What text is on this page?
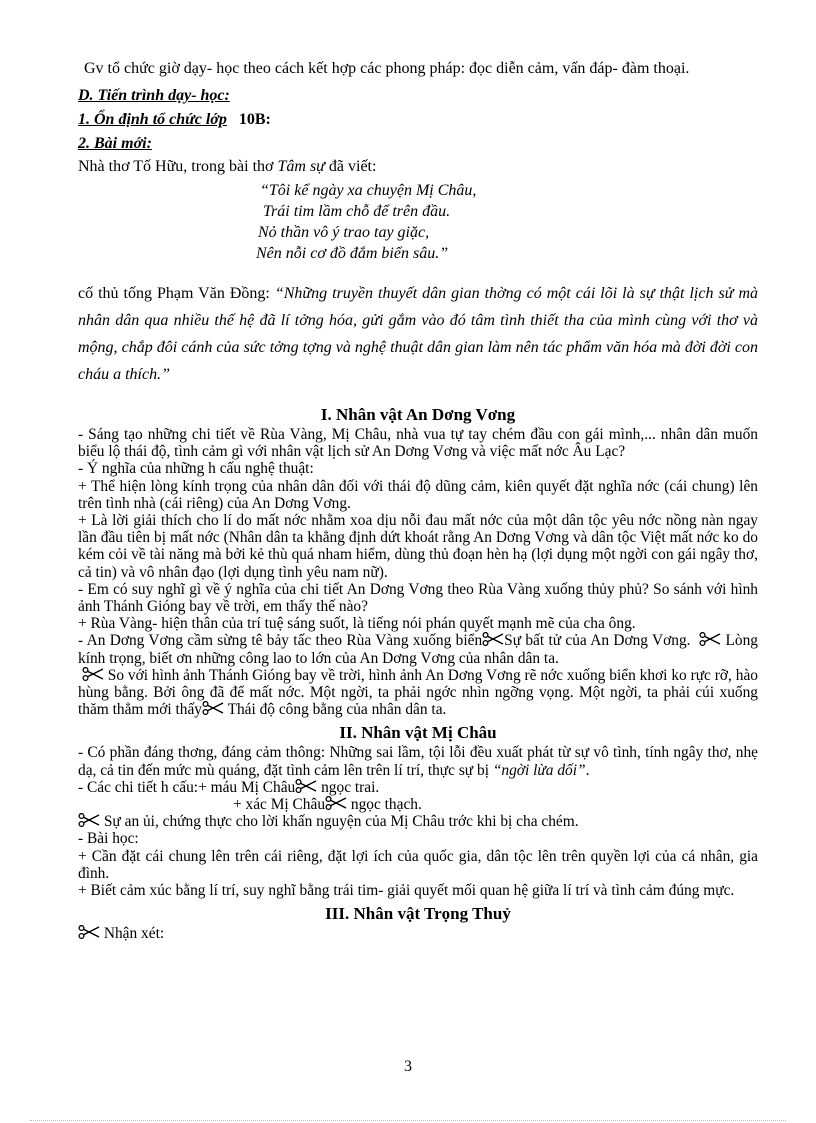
Gv tổ chức giờ dạy- học theo cách kết hợp các phong pháp: đọc diễn cảm, vấn đáp- đàm thoại.

D. Tiến trình dạy- học:

1. Ổn định tổ chức lớp 10B:

2. Bài mới:

Nhà thơ Tố Hữu, trong bài thơ Tâm sự đã viết:

“Tôi kể ngày xa chuyện Mị Châu,
Trái tim lầm chỗ để trên đầu.
Nỏ thần vô ý trao tay giặc,
Nên nỗi cơ đồ đắm biển sâu.”

cố thủ tống Phạm Văn Đồng: “Những truyền thuyết dân gian thờng có một cái lõi là sự thật lịch sử mà nhân dân qua nhiều thế hệ đã lí tởng hóa, gửi gắm vào đó tâm tình thiết tha của mình cùng với thơ và mộng, chắp đôi cánh của sức tởng tợng và nghệ thuật dân gian làm nên tác phẩm văn hóa mà đời đời con cháu a thích.”

I. Nhân vật An Dơng Vơng

- Sáng tạo những chi tiết về Rùa Vàng, Mị Châu, nhà vua tự tay chém đầu con gái mình,... nhân dân muốn biểu lộ thái độ, tình cảm gì với nhân vật lịch sử An Dơng Vơng và việc mất nớc Âu Lạc?

- Ý nghĩa của những h cấu nghệ thuật:

+ Thể hiện lòng kính trọng của nhân dân đối với thái độ dũng cảm, kiên quyết đặt nghĩa nớc (cái chung) lên trên tình nhà (cái riêng) của An Dơng Vơng.

+ Là lời giải thích cho lí do mất nớc nhằm xoa dịu nỗi đau mất nớc của một dân tộc yêu nớc nồng nàn ngay lần đầu tiên bị mất nớc (Nhân dân ta khẳng định dứt khoát rằng An Dơng Vơng và dân tộc Việt mất nớc ko do kém cỏi về tài năng mà bởi kẻ thù quá nham hiểm, dùng thủ đoạn hèn hạ (lợi dụng một ngời con gái ngây thơ, cả tin) và vô nhân đạo (lợi dụng tình yêu nam nữ).

- Em có suy nghĩ gì về ý nghĩa của chi tiết An Dơng Vơng theo Rùa Vàng xuống thủy phủ? So sánh với hình ảnh Thánh Gióng bay về trời, em thấy thế nào?

+ Rùa Vàng- hiện thân của trí tuệ sáng suốt, là tiếng nói phán quyết mạnh mẽ của cha ông.

- An Dơng Vơng cầm sừng tê bảy tấc theo Rùa Vàng xuống biển Sự bất tử của An Dơng Vơng. Lòng kính trọng, biết ơn những công lao to lớn của An Dơng Vơng của nhân dân ta.

So với hình ảnh Thánh Gióng bay về trời, hình ảnh An Dơng Vơng rẽ nớc xuống biển khơi ko rực rỡ, hào hùng bằng. Bởi ông đã để mất nớc. Một ngời, ta phải ngớc nhìn ngỡng vọng. Một ngời, ta phải cúi xuống thăm thẳm mới thấy Thái độ công bằng của nhân dân ta.

II. Nhân vật Mị Châu

- Có phần đáng thơng, đáng cảm thông: Những sai lầm, tội lỗi đều xuất phát từ sự vô tình, tính ngây thơ, nhẹ dạ, cả tin đến mức mù quáng, đặt tình cảm lên trên lí trí, thực sự bị “ngời lừa dối”.

- Các chi tiết h cấu:+ máu Mị Châu ngọc trai.

+ xác Mị Châu ngọc thạch.

Sự an ủi, chứng thực cho lời khấn nguyện của Mị Châu trớc khi bị cha chém.

- Bài học:

+ Cần đặt cái chung lên trên cái riêng, đặt lợi ích của quốc gia, dân tộc lên trên quyền lợi của cá nhân, gia đình.

+ Biết cảm xúc bằng lí trí, suy nghĩ bằng trái tim- giải quyết mối quan hệ giữa lí trí và tình cảm đúng mực.

III. Nhân vật Trọng Thuỷ

Nhận xét:

3
